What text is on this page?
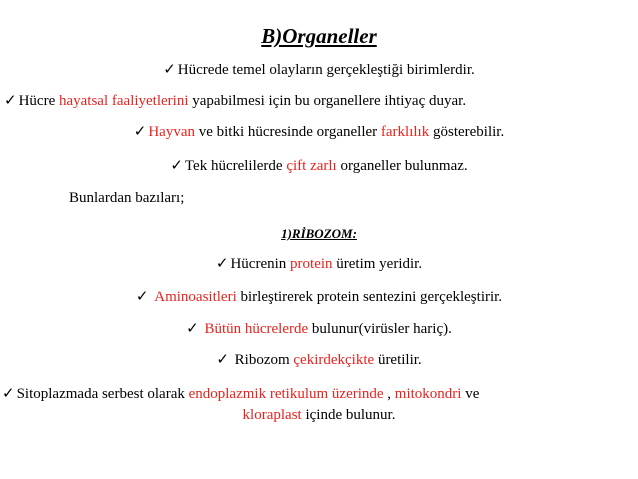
B)Organeller
✓ Hücrede temel olayların gerçekleştiği birimlerdir.
✓ Hücre hayatsal faaliyetlerini yapabilmesi için bu organellere ihtiyaç duyar.
✓ Hayvan ve bitki hücresinde organeller farklılık gösterebilir.
✓ Tek hücrelilerde çift zarlı organeller bulunmaz.
Bunlardan bazıları;
1)RİBOZOM:
✓ Hücrenin protein üretim yeridir.
✓ Aminoasitleri birleştirerek protein sentezini gerçekleştirir.
✓ Bütün hücrelerde bulunur(virüsler hariç).
✓ Ribozom çekirdekçikte üretilir.
✓ Sitoplazmada serbest olarak endoplazmik retikulum üzerinde , mitokondri ve
kloraplast içinde bulunur.
